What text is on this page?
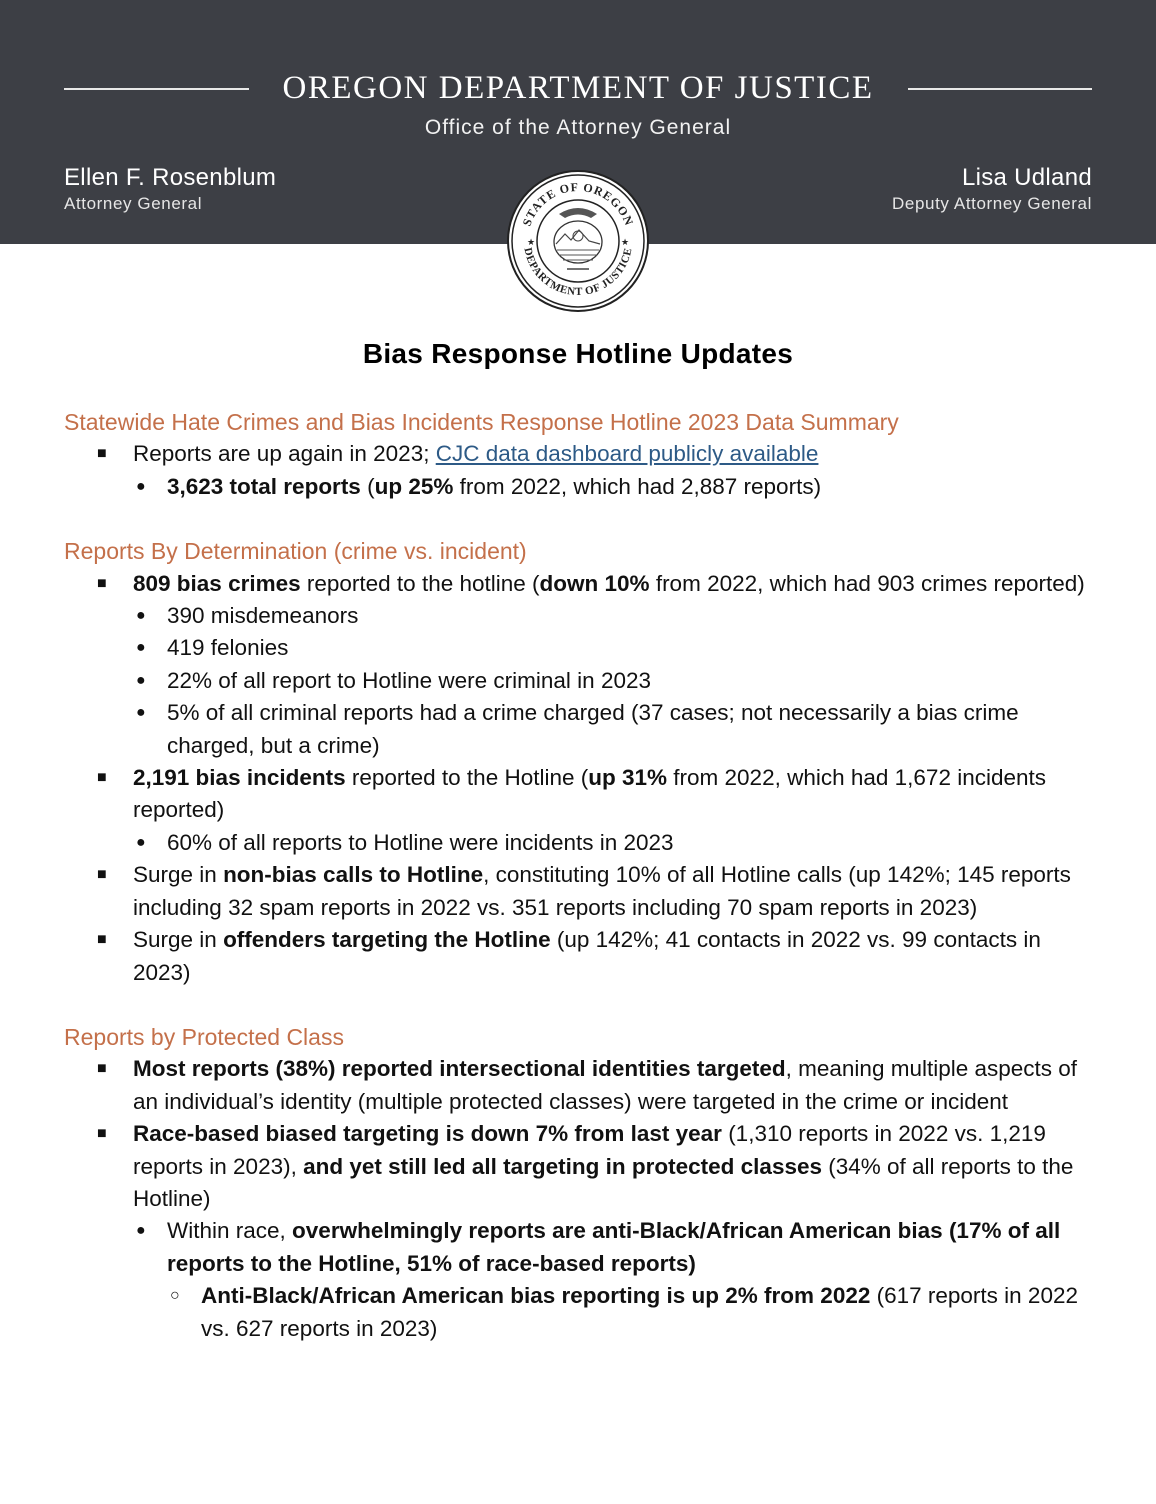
OREGON DEPARTMENT OF JUSTICE
Office of the Attorney General
Ellen F. Rosenblum
Attorney General
Lisa Udland
Deputy Attorney General
STATE OF OREGON
DEPARTMENT OF JUSTICE
★	★
Bias Response Hotline Updates
Statewide Hate Crimes and Bias Incidents Response Hotline 2023 Data Summary
■ Reports are up again in 2023; CJC data dashboard publicly available
● 3,623 total reports (up 25% from 2022, which had 2,887 reports)
Reports By Determination (crime vs. incident)
■ 809 bias crimes reported to the hotline (down 10% from 2022, which had 903 crimes reported)
● 390 misdemeanors
● 419 felonies
● 22% of all report to Hotline were criminal in 2023
● 5% of all criminal reports had a crime charged (37 cases; not necessarily a bias crime charged, but a crime)
■ 2,191 bias incidents reported to the Hotline (up 31% from 2022, which had 1,672 incidents reported)
● 60% of all reports to Hotline were incidents in 2023
■ Surge in non-bias calls to Hotline, constituting 10% of all Hotline calls (up 142%; 145 reports including 32 spam reports in 2022 vs. 351 reports including 70 spam reports in 2023)
■ Surge in offenders targeting the Hotline (up 142%; 41 contacts in 2022 vs. 99 contacts in 2023)
Reports by Protected Class
■ Most reports (38%) reported intersectional identities targeted, meaning multiple aspects of an individual’s identity (multiple protected classes) were targeted in the crime or incident
■ Race-based biased targeting is down 7% from last year (1,310 reports in 2022 vs. 1,219 reports in 2023), and yet still led all targeting in protected classes (34% of all reports to the Hotline)
● Within race, overwhelmingly reports are anti-Black/African American bias (17% of all reports to the Hotline, 51% of race-based reports)
○ Anti-Black/African American bias reporting is up 2% from 2022 (617 reports in 2022 vs. 627 reports in 2023)
